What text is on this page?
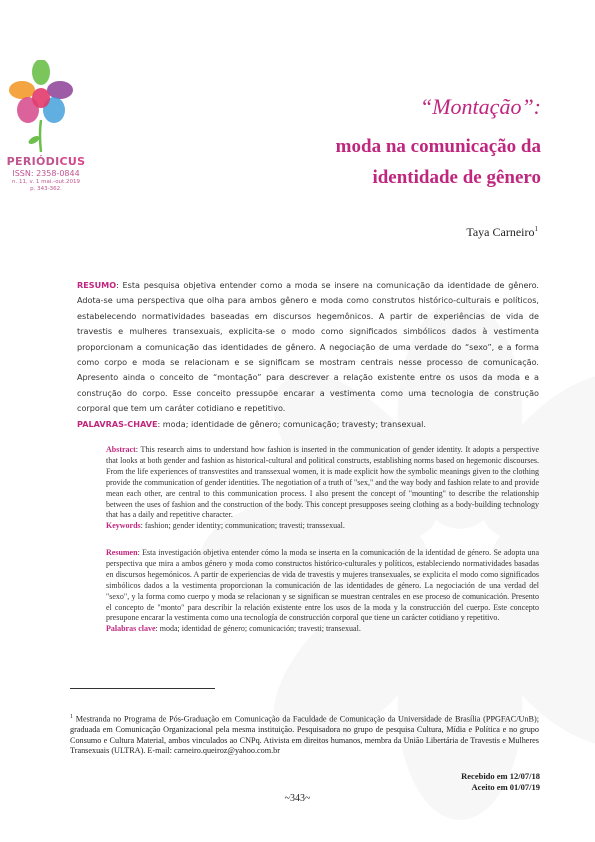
PERIÓDICUS
ISSN: 2358-0844
n. 11, v. 1 mai.-out.2019
p. 343-362.
“Montação”:
moda na comunicação da
identidade de gênero
Taya Carneiro$^1$
RESUMO: Esta pesquisa objetiva entender como a moda se insere na comunicação da identidade de gênero. Adota-se uma perspectiva que olha para ambos gênero e moda como construtos histórico-culturais e políticos, estabelecendo normatividades baseadas em discursos hegemônicos. A partir de experiências de vida de travestis e mulheres transexuais, explicita-se o modo como significados simbólicos dados à vestimenta proporcionam a comunicação das identidades de gênero. A negociação de uma verdade do “sexo”, e a forma como corpo e moda se relacionam e se significam se mostram centrais nesse processo de comunicação. Apresento ainda o conceito de “montação” para descrever a relação existente entre os usos da moda e a construção do corpo. Esse conceito pressupõe encarar a vestimenta como uma tecnologia de construção corporal que tem um caráter cotidiano e repetitivo.
PALAVRAS-CHAVE: moda; identidade de gênero; comunicação; travesty; transexual.
Abstract: This research aims to understand how fashion is inserted in the communication of gender identity. It adopts a perspective that looks at both gender and fashion as historical-cultural and political constructs, establishing norms based on hegemonic discourses. From the life experiences of transvestites and transsexual women, it is made explicit how the symbolic meanings given to the clothing provide the communication of gender identities. The negotiation of a truth of "sex," and the way body and fashion relate to and provide mean each other, are central to this communication process. I also present the concept of "mounting" to describe the relationship between the uses of fashion and the construction of the body. This concept presupposes seeing clothing as a body-building technology that has a daily and repetitive character.
Keywords: fashion; gender identity; communication; travesti; transsexual.
Resumen: Esta investigación objetiva entender cómo la moda se inserta en la comunicación de la identidad de género. Se adopta una perspectiva que mira a ambos género y moda como constructos histórico-culturales y políticos, estableciendo normatividades basadas en discursos hegemónicos. A partir de experiencias de vida de travestis y mujeres transexuales, se explicita el modo como significados simbólicos dados a la vestimenta proporcionan la comunicación de las identidades de género. La negociación de una verdad del "sexo", y la forma como cuerpo y moda se relacionan y se significan se muestran centrales en ese proceso de comunicación. Presento el concepto de "monto" para describir la relación existente entre los usos de la moda y la construcción del cuerpo. Este concepto presupone encarar la vestimenta como una tecnología de construcción corporal que tiene un carácter cotidiano y repetitivo.
Palabras clave: moda; identidad de género; comunicación; travesti; transexual.
$^1$ Mestranda no Programa de Pós-Graduação em Comunicação da Faculdade de Comunicação da Universidade de Brasília (PPGFAC/UnB); graduada em Comunicação Organizacional pela mesma instituição. Pesquisadora no grupo de pesquisa Cultura, Mídia e Política e no grupo Consumo e Cultura Material, ambos vinculados ao CNPq. Ativista em direitos humanos, membra da União Libertária de Travestis e Mulheres Transexuais (ULTRA). E-mail: carneiro.queiroz@yahoo.com.br
Recebido em 12/07/18
Aceito em 01/07/19
~343~
